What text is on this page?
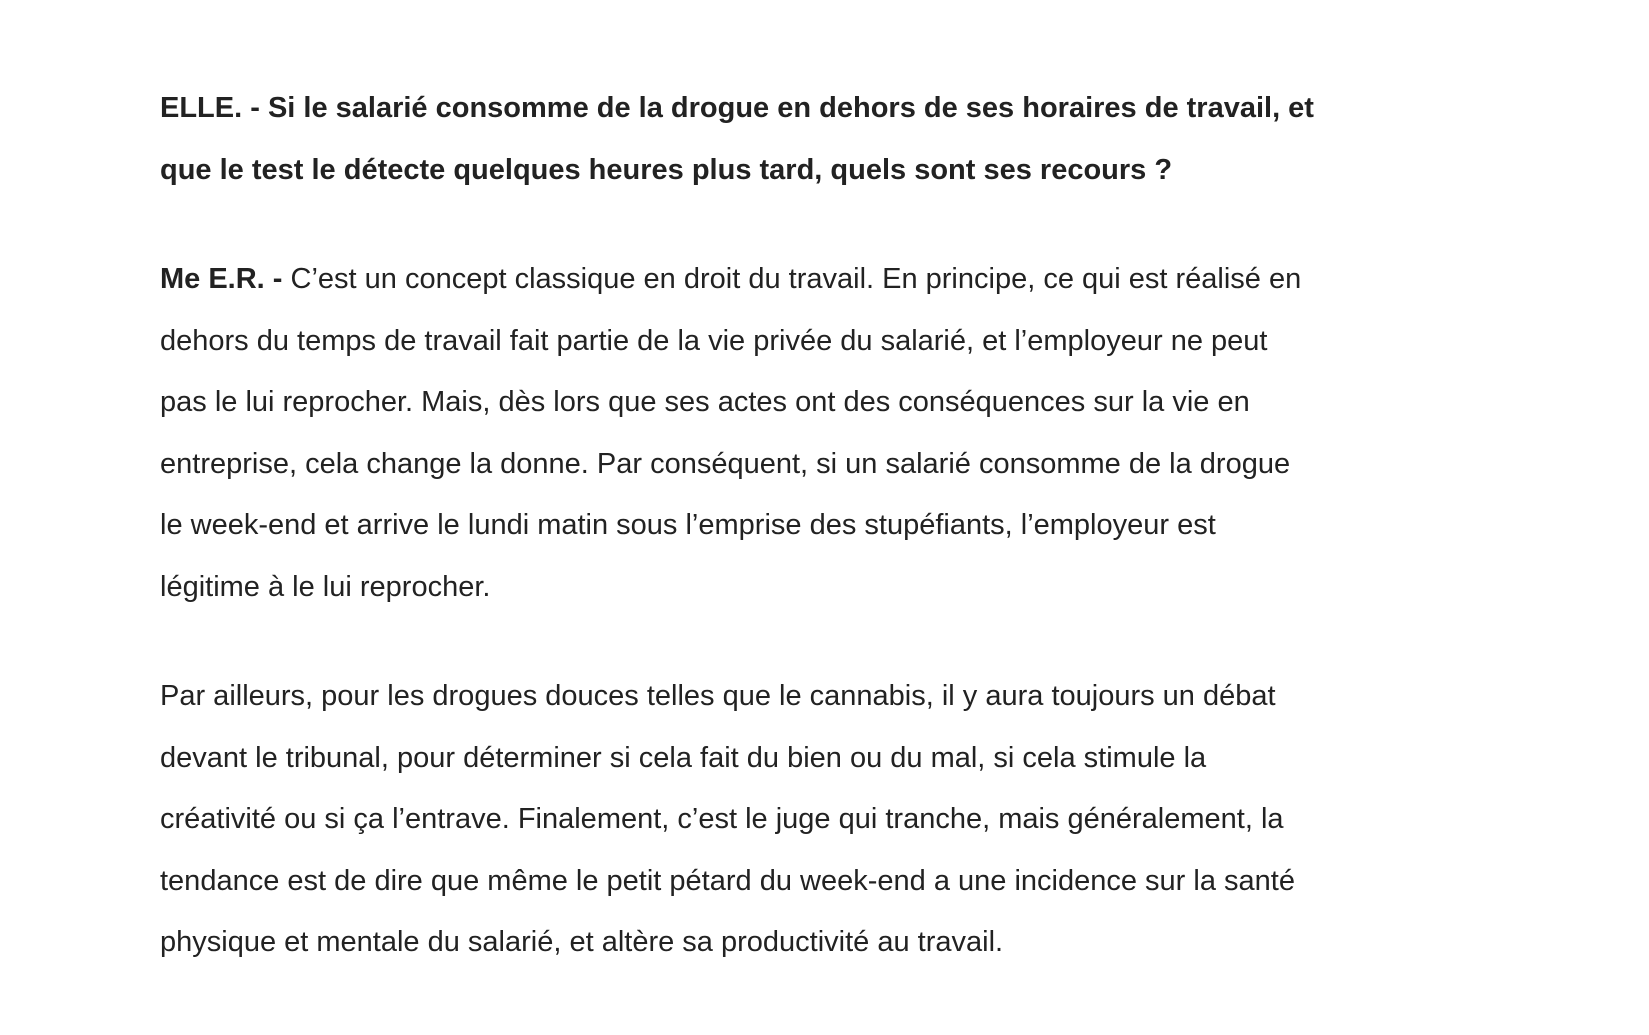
ELLE. - Si le salarié consomme de la drogue en dehors de ses horaires de travail, et
que le test le détecte quelques heures plus tard, quels sont ses recours ?

Me E.R. - C’est un concept classique en droit du travail. En principe, ce qui est réalisé en
dehors du temps de travail fait partie de la vie privée du salarié, et l’employeur ne peut
pas le lui reprocher. Mais, dès lors que ses actes ont des conséquences sur la vie en
entreprise, cela change la donne. Par conséquent, si un salarié consomme de la drogue
le week-end et arrive le lundi matin sous l’emprise des stupéfiants, l’employeur est
légitime à le lui reprocher.

Par ailleurs, pour les drogues douces telles que le cannabis, il y aura toujours un débat
devant le tribunal, pour déterminer si cela fait du bien ou du mal, si cela stimule la
créativité ou si ça l’entrave. Finalement, c’est le juge qui tranche, mais généralement, la
tendance est de dire que même le petit pétard du week-end a une incidence sur la santé
physique et mentale du salarié, et altère sa productivité au travail.
